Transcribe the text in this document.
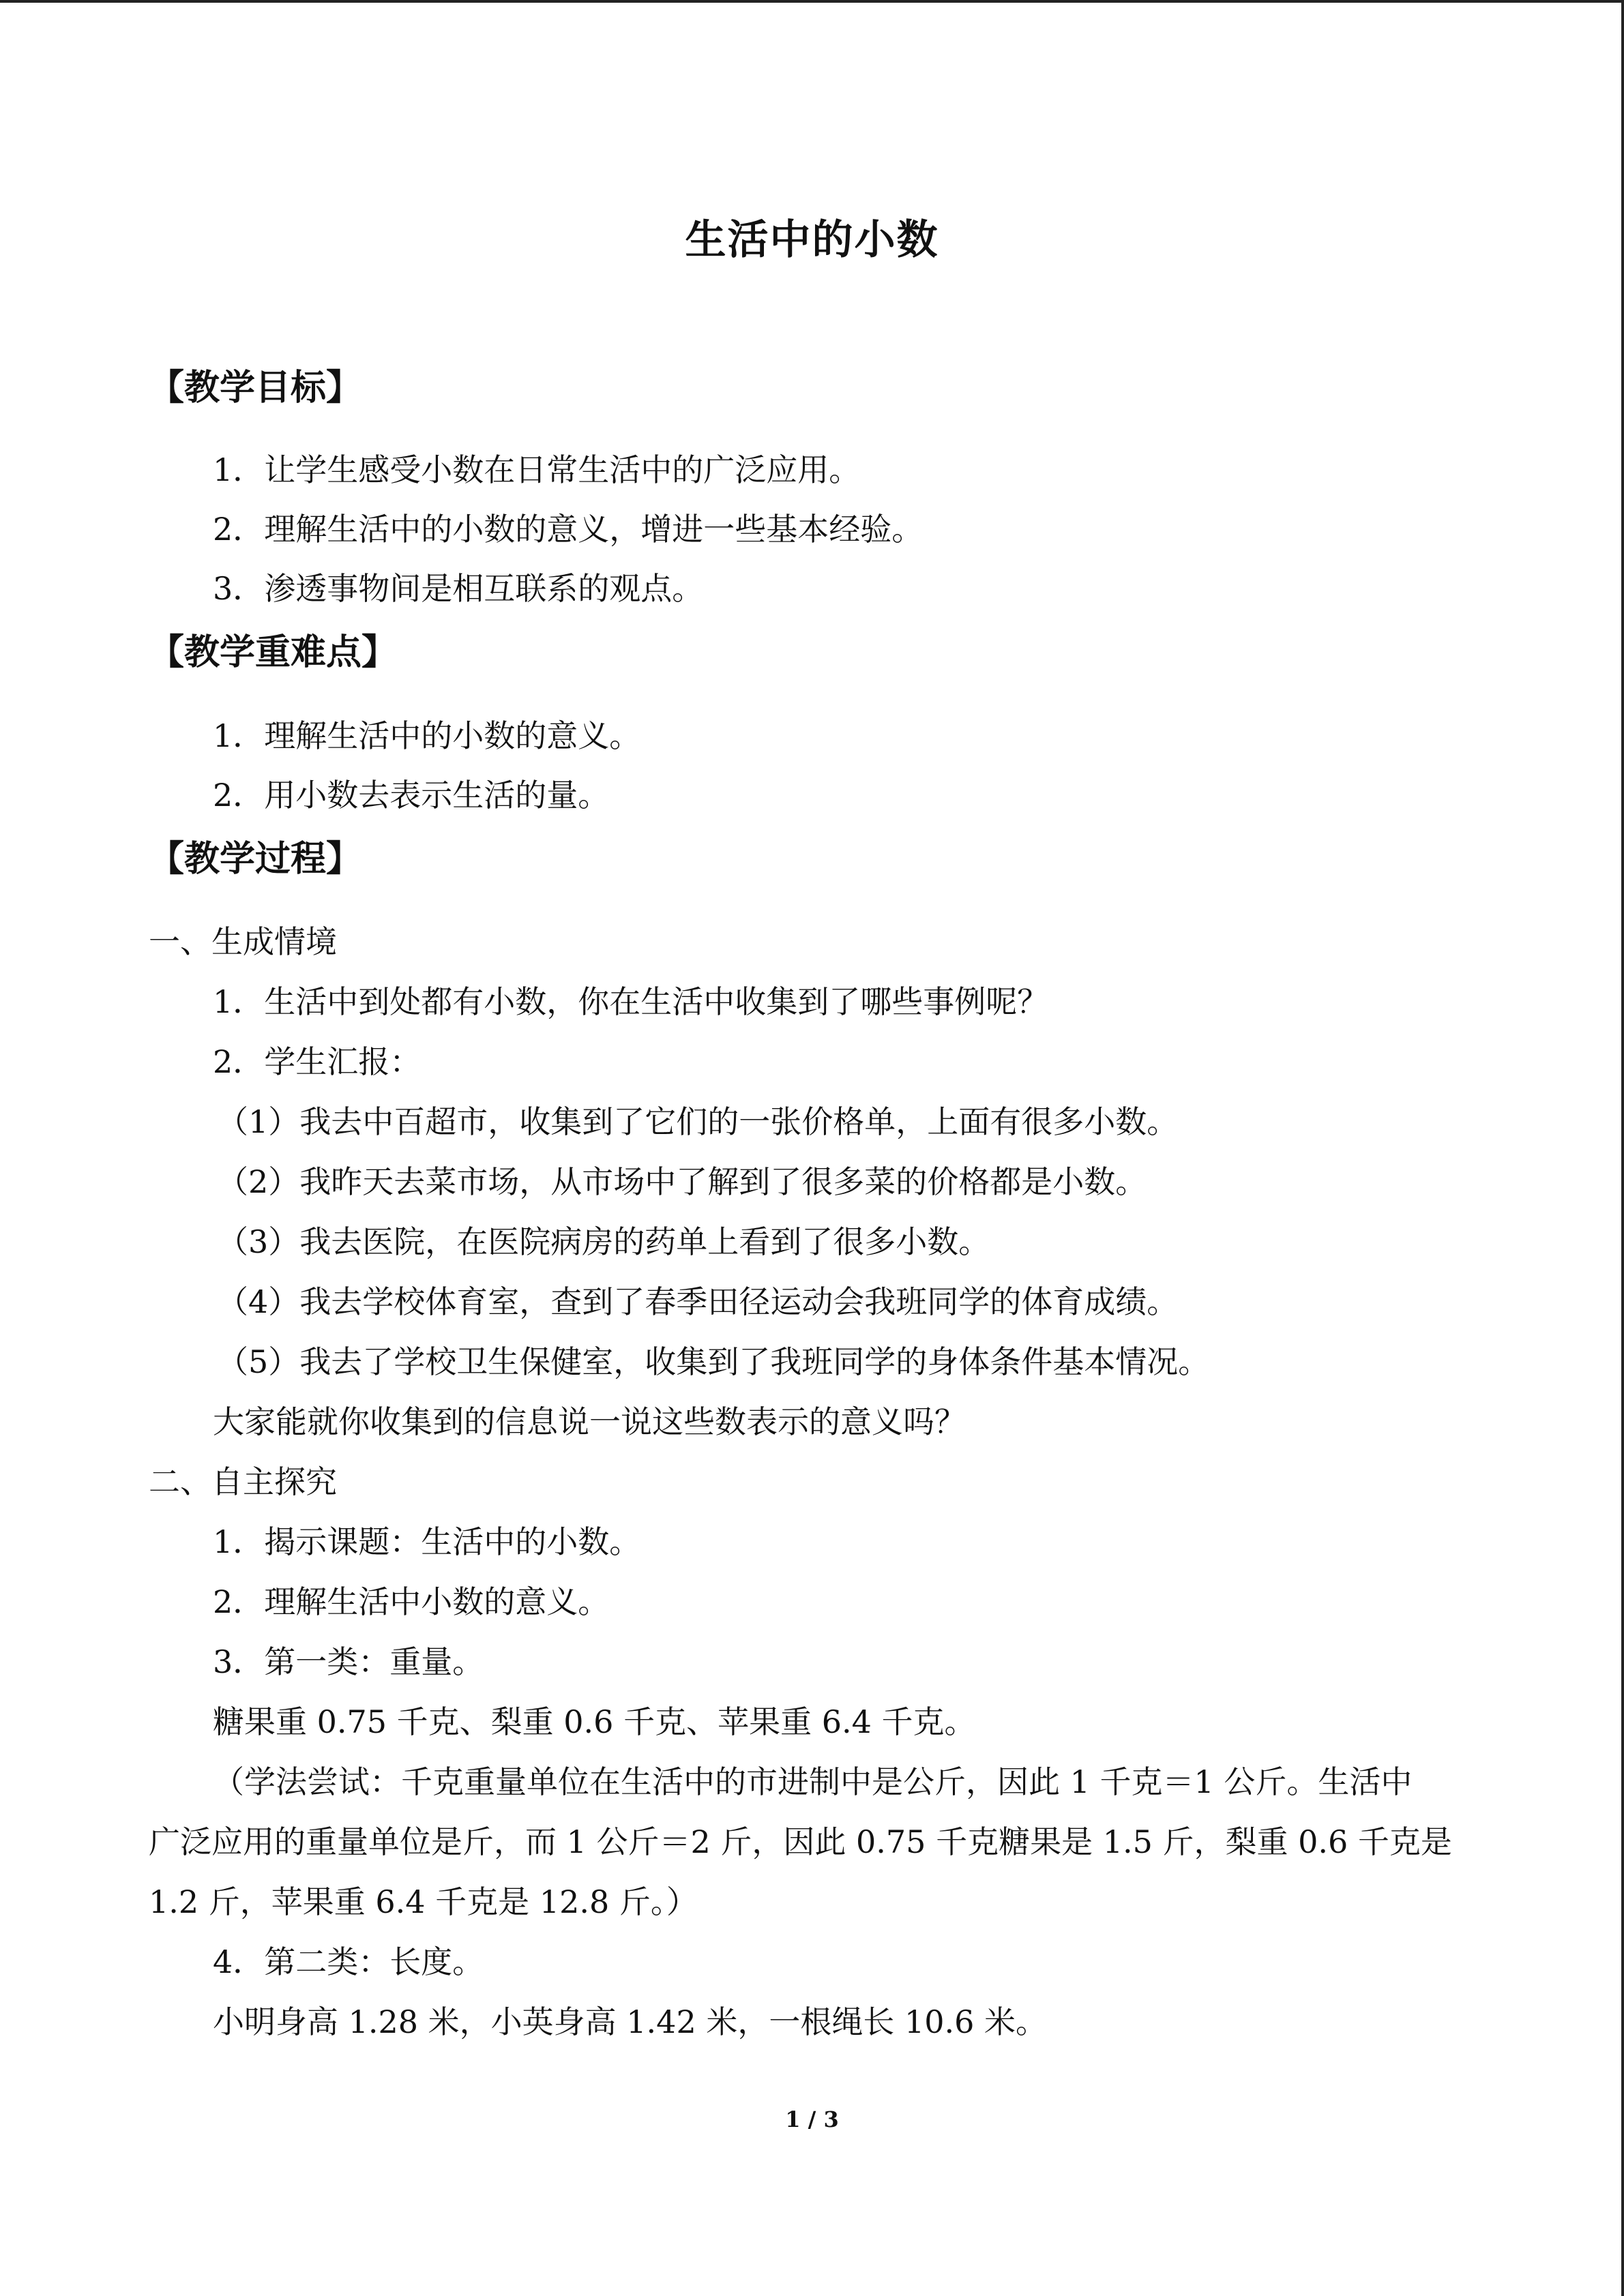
生活中的小数
【教学目标】
1．让学生感受小数在日常生活中的广泛应用。
2．理解生活中的小数的意义，增进一些基本经验。
3．渗透事物间是相互联系的观点。
【教学重难点】
1．理解生活中的小数的意义。
2．用小数去表示生活的量。
【教学过程】
一、生成情境
1．生活中到处都有小数，你在生活中收集到了哪些事例呢？
2．学生汇报：
（1）我去中百超市，收集到了它们的一张价格单，上面有很多小数。
（2）我昨天去菜市场，从市场中了解到了很多菜的价格都是小数。
（3）我去医院，在医院病房的药单上看到了很多小数。
（4）我去学校体育室，查到了春季田径运动会我班同学的体育成绩。
（5）我去了学校卫生保健室，收集到了我班同学的身体条件基本情况。
大家能就你收集到的信息说一说这些数表示的意义吗？
二、自主探究
1．揭示课题：生活中的小数。
2．理解生活中小数的意义。
3．第一类：重量。
糖果重 0.75 千克、梨重 0.6 千克、苹果重 6.4 千克。
（学法尝试：千克重量单位在生活中的市进制中是公斤，因此 1 千克＝1 公斤。生活中
广泛应用的重量单位是斤，而 1 公斤＝2 斤，因此 0.75 千克糖果是 1.5 斤，梨重 0.6 千克是
1.2 斤，苹果重 6.4 千克是 12.8 斤。）
4．第二类：长度。
小明身高 1.28 米，小英身高 1.42 米，一根绳长 10.6 米。
1 / 3
